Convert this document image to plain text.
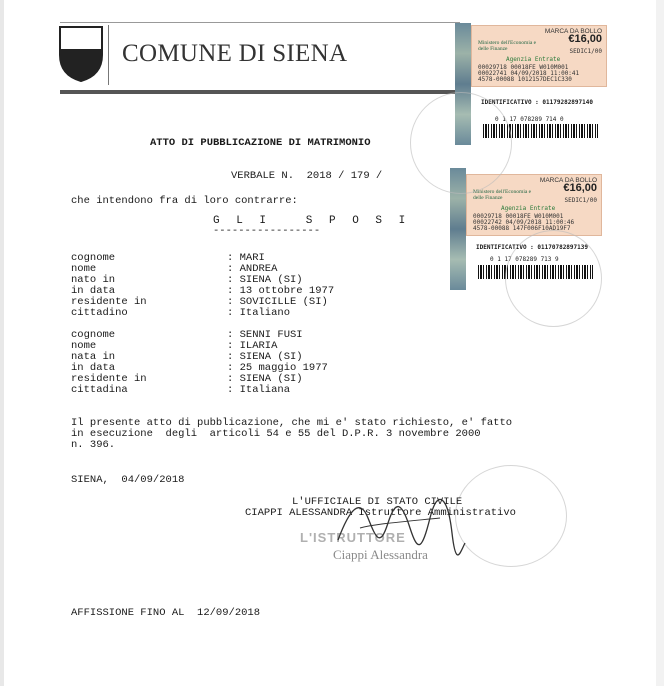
COMUNE DI SIENA
MARCA DA BOLLO
€16,00
SEDIC1/00
Ministero dell'Economia e delle Finanze
Agenzia Entrate
00029718 00018FE W010M001
00022741 04/09/2018 11:00:41
4578-00088 1012157DEC1C330
IDENTIFICATIVO : 01179282897140
0 1 17 078289 714 0
MARCA DA BOLLO
€16,00
SEDIC1/00
Ministero dell'Economia e delle Finanze
Agenzia Entrate
00029718 00018FE W010M001
00022742 04/09/2018 11:00:46
4578-00088 147F006F10AD19F7
IDENTIFICATIVO : 01170782897139
0 1 17 078289 713 9
ATTO DI PUBBLICAZIONE DI MATRIMONIO
VERBALE N.  2018 / 179 /
che intendono fra di loro contrarre:
G L I   S P O S I
-----------------
cognome	: MARI
nome	: ANDREA
nato in	: SIENA (SI)
in data	: 13 ottobre 1977
residente in	: SOVICILLE (SI)
cittadino	: Italiano
cognome	: SENNI FUSI
nome	: ILARIA
nata in	: SIENA (SI)
in data	: 25 maggio 1977
residente in	: SIENA (SI)
cittadina	: Italiana
Il presente atto di pubblicazione, che mi e' stato richiesto, e' fatto
in esecuzione  degli  articoli 54 e 55 del D.P.R. 3 novembre 2000
n. 396.
SIENA,  04/09/2018
L'UFFICIALE DI STATO CIVILE
CIAPPI ALESSANDRA Istruttore Amministrativo
L'ISTRUTTORE
Ciappi Alessandra
AFFISSIONE FINO AL  12/09/2018
